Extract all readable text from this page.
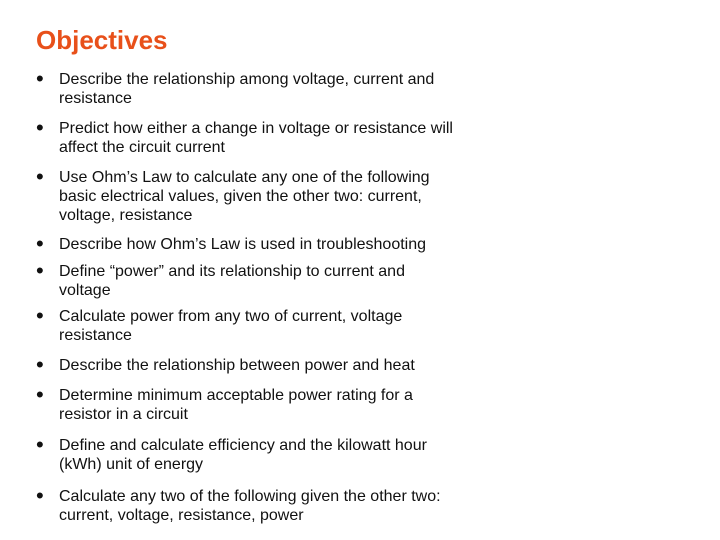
Objectives
• Describe the relationship among voltage, current and
resistance
• Predict how either a change in voltage or resistance will
affect the circuit current
• Use Ohm’s Law to calculate any one of the following
basic electrical values, given the other two: current,
voltage, resistance
• Describe how Ohm’s Law is used in troubleshooting
• Define “power” and its relationship to current and
voltage
• Calculate power from any two of current, voltage
resistance
• Describe the relationship between power and heat
• Determine minimum acceptable power rating for a
resistor in a circuit
• Define and calculate efficiency and the kilowatt hour
(kWh) unit of energy
• Calculate any two of the following given the other two:
current, voltage, resistance, power
